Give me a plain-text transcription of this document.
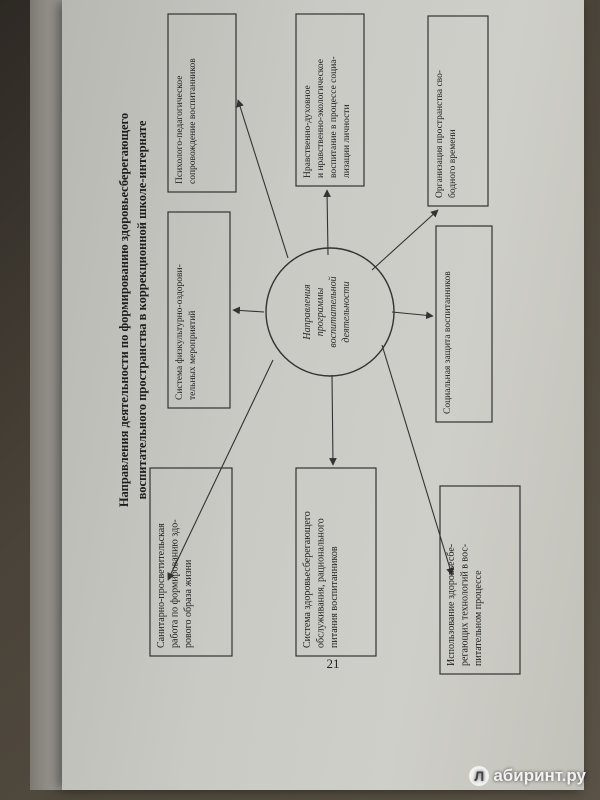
Направления деятельности по формированию здоровьесберегающего воспитательного пространства в коррекционной школе-интернате	Направления программы воспитательной деятельности
Психолого-педагогическое сопровождение воспитанников	Нравственно-духовное и нравственно-экологическое воспитание в процессе социа- лизации личности	Организация пространства сво- бодного времени
Система физкультурно-оздорови- тельных мероприятий	Социальная защита воспитанников
Санитарно-просветительская работа по формированию здо- рового образа жизни	Система здоровьесберегающего обслуживания, рационального питания воспитанников	Использование здоровьесбе- регающих технологий в вос- питательном процессе
21
Л абиринт.ру
